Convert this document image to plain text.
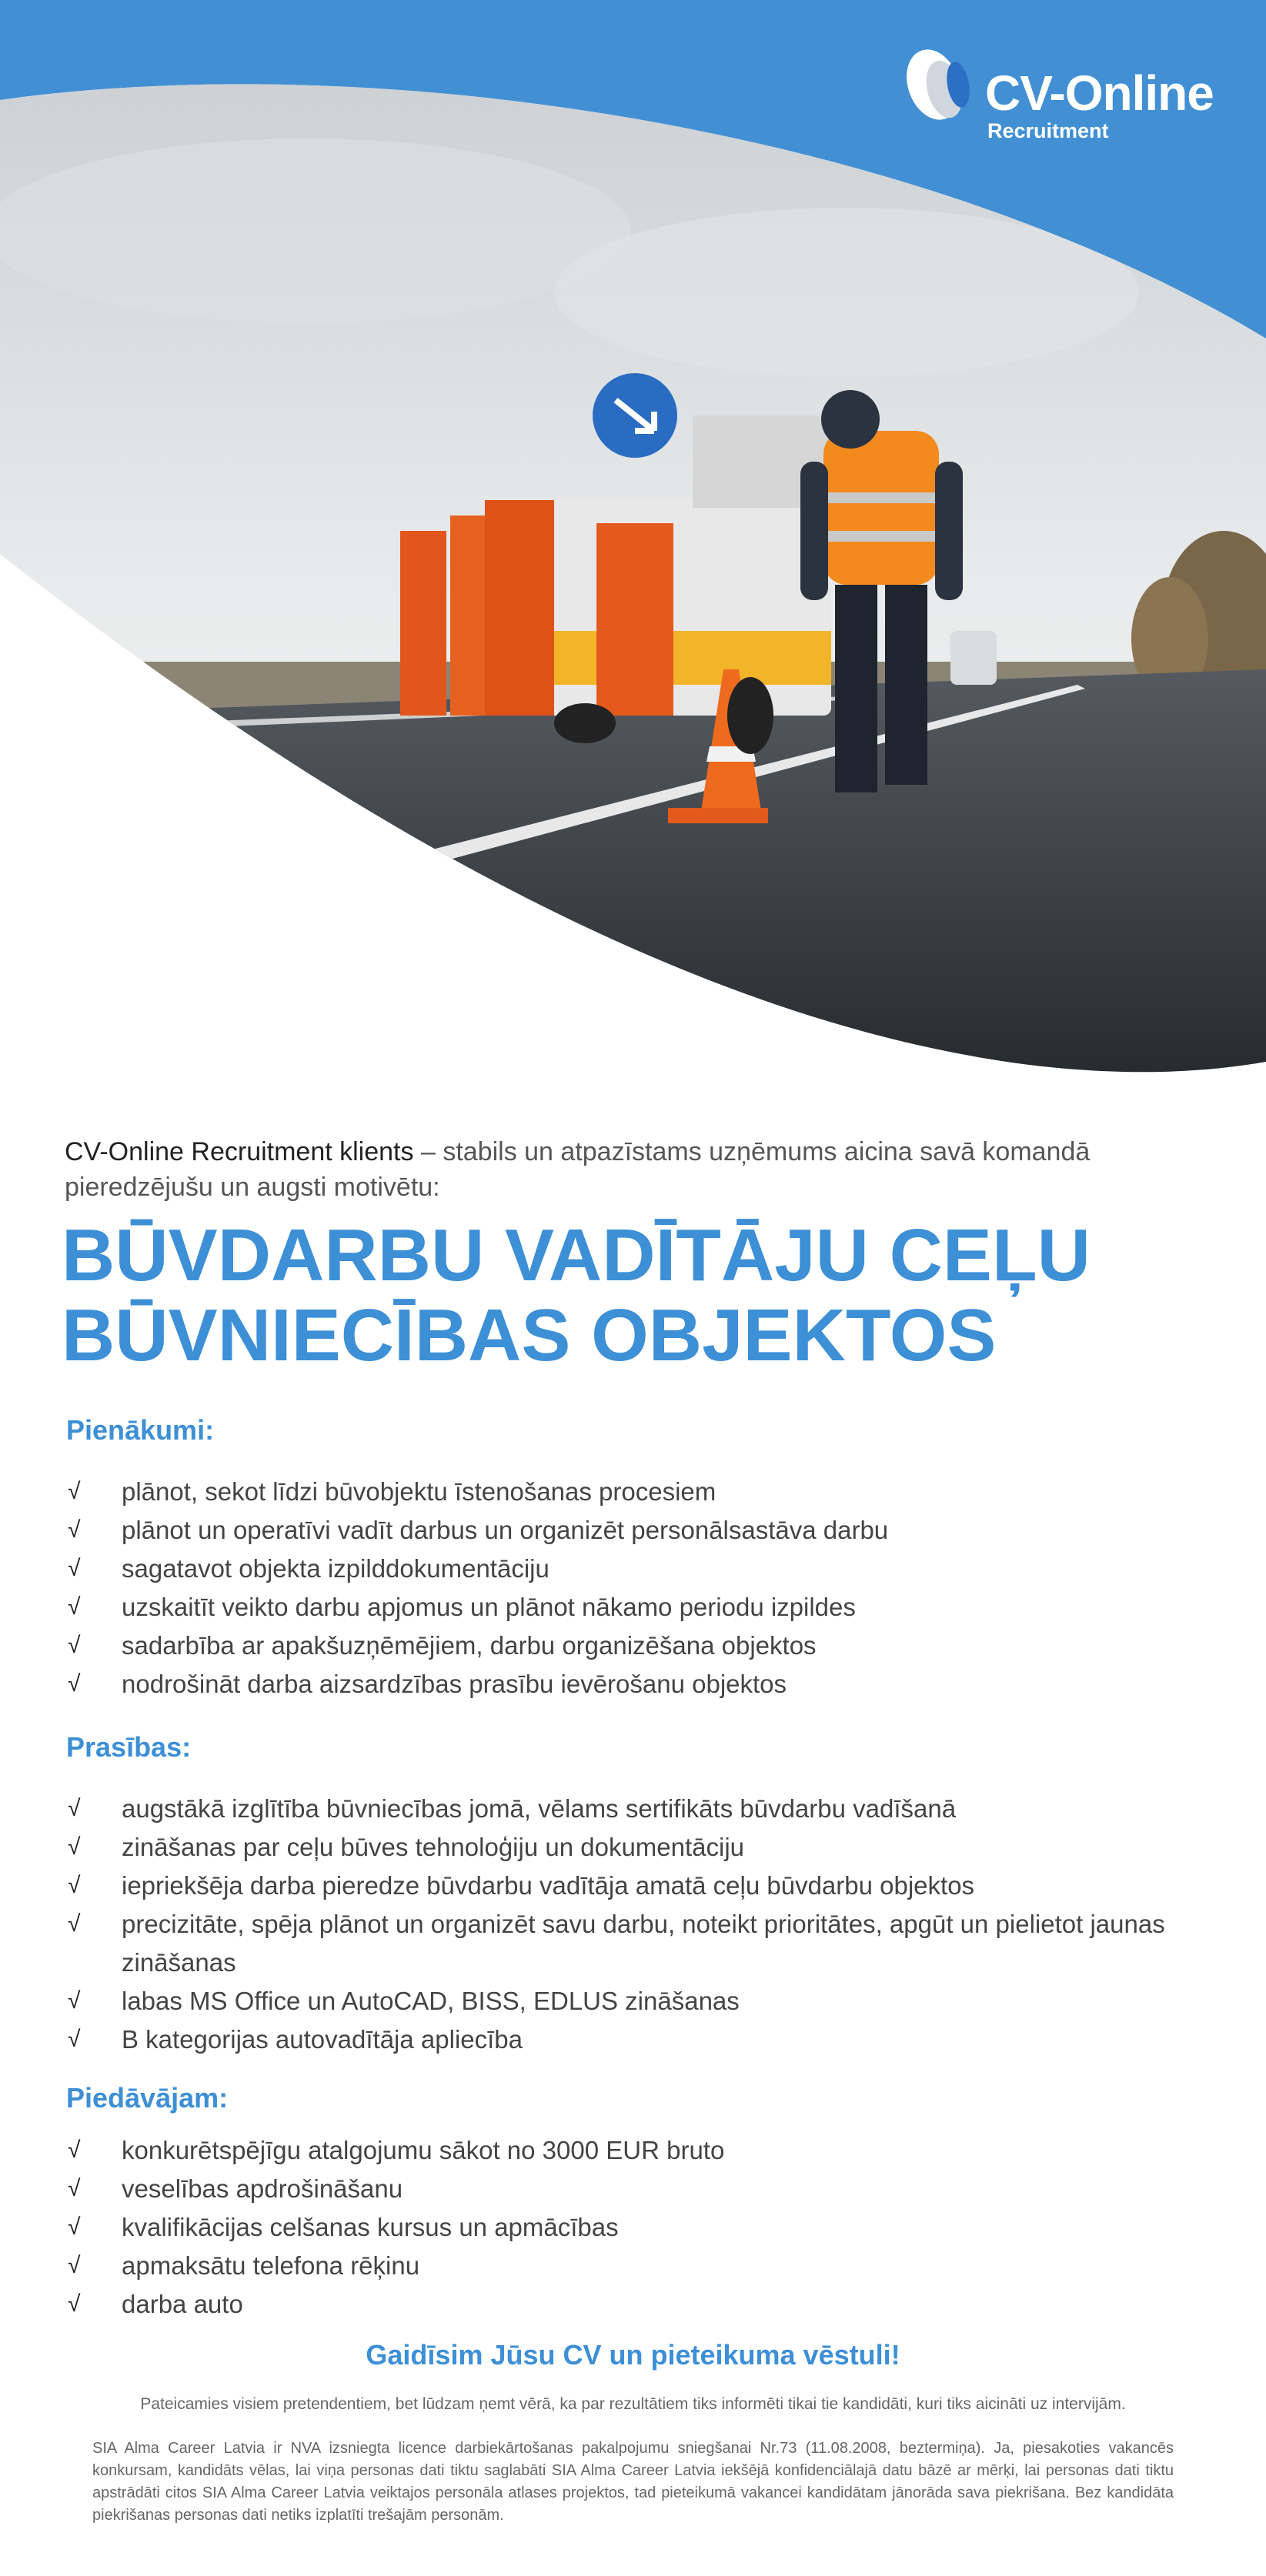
CV-Online
Recruitment

CV-Online Recruitment klients – stabils un atpazīstams uzņēmums aicina savā komandā pieredzējušu un augsti motivētu:

BŪVDARBU VADĪTĀJU CEĻU
BŪVNIECĪBAS OBJEKTOS
Pienākumi:
√ plānot, sekot līdzi būvobjektu īstenošanas procesiem
√ plānot un operatīvi vadīt darbus un organizēt personālsastāva darbu
√ sagatavot objekta izpilddokumentāciju
√ uzskaitīt veikto darbu apjomus un plānot nākamo periodu izpildes
√ sadarbība ar apakšuzņēmējiem, darbu organizēšana objektos
√ nodrošināt darba aizsardzības prasību ievērošanu objektos
Prasības:
√ augstākā izglītība būvniecības jomā, vēlams sertifikāts būvdarbu vadīšanā
√ zināšanas par ceļu būves tehnoloģiju un dokumentāciju
√ iepriekšēja darba pieredze būvdarbu vadītāja amatā ceļu būvdarbu objektos
√ precizitāte, spēja plānot un organizēt savu darbu, noteikt prioritātes, apgūt un pielietot jaunas zināšanas
√ labas MS Office un AutoCAD, BISS, EDLUS zināšanas
√ B kategorijas autovadītāja apliecība
Piedāvājam:
√ konkurētspējīgu atalgojumu sākot no 3000 EUR bruto
√ veselības apdrošināšanu
√ kvalifikācijas celšanas kursus un apmācības
√ apmaksātu telefona rēķinu
√ darba auto
Gaidīsim Jūsu CV un pieteikuma vēstuli!
Pateicamies visiem pretendentiem, bet lūdzam ņemt vērā, ka par rezultātiem tiks informēti tikai tie kandidāti, kuri tiks aicināti uz intervijām.
SIA Alma Career Latvia ir NVA izsniegta licence darbiekārtošanas pakalpojumu sniegšanai Nr.73 (11.08.2008, beztermiņa). Ja, piesakoties vakancēs konkursam, kandidāts vēlas, lai viņa personas dati tiktu saglabāti SIA Alma Career Latvia iekšējā konfidenciālajā datu bāzē ar mērķi, lai personas dati tiktu apstrādāti citos SIA Alma Career Latvia veiktajos personāla atlases projektos, tad pieteikumā vakancei kandidātam jānorāda sava piekrišana. Bez kandidāta piekrišanas personas dati netiks izplatīti trešajām personām.
